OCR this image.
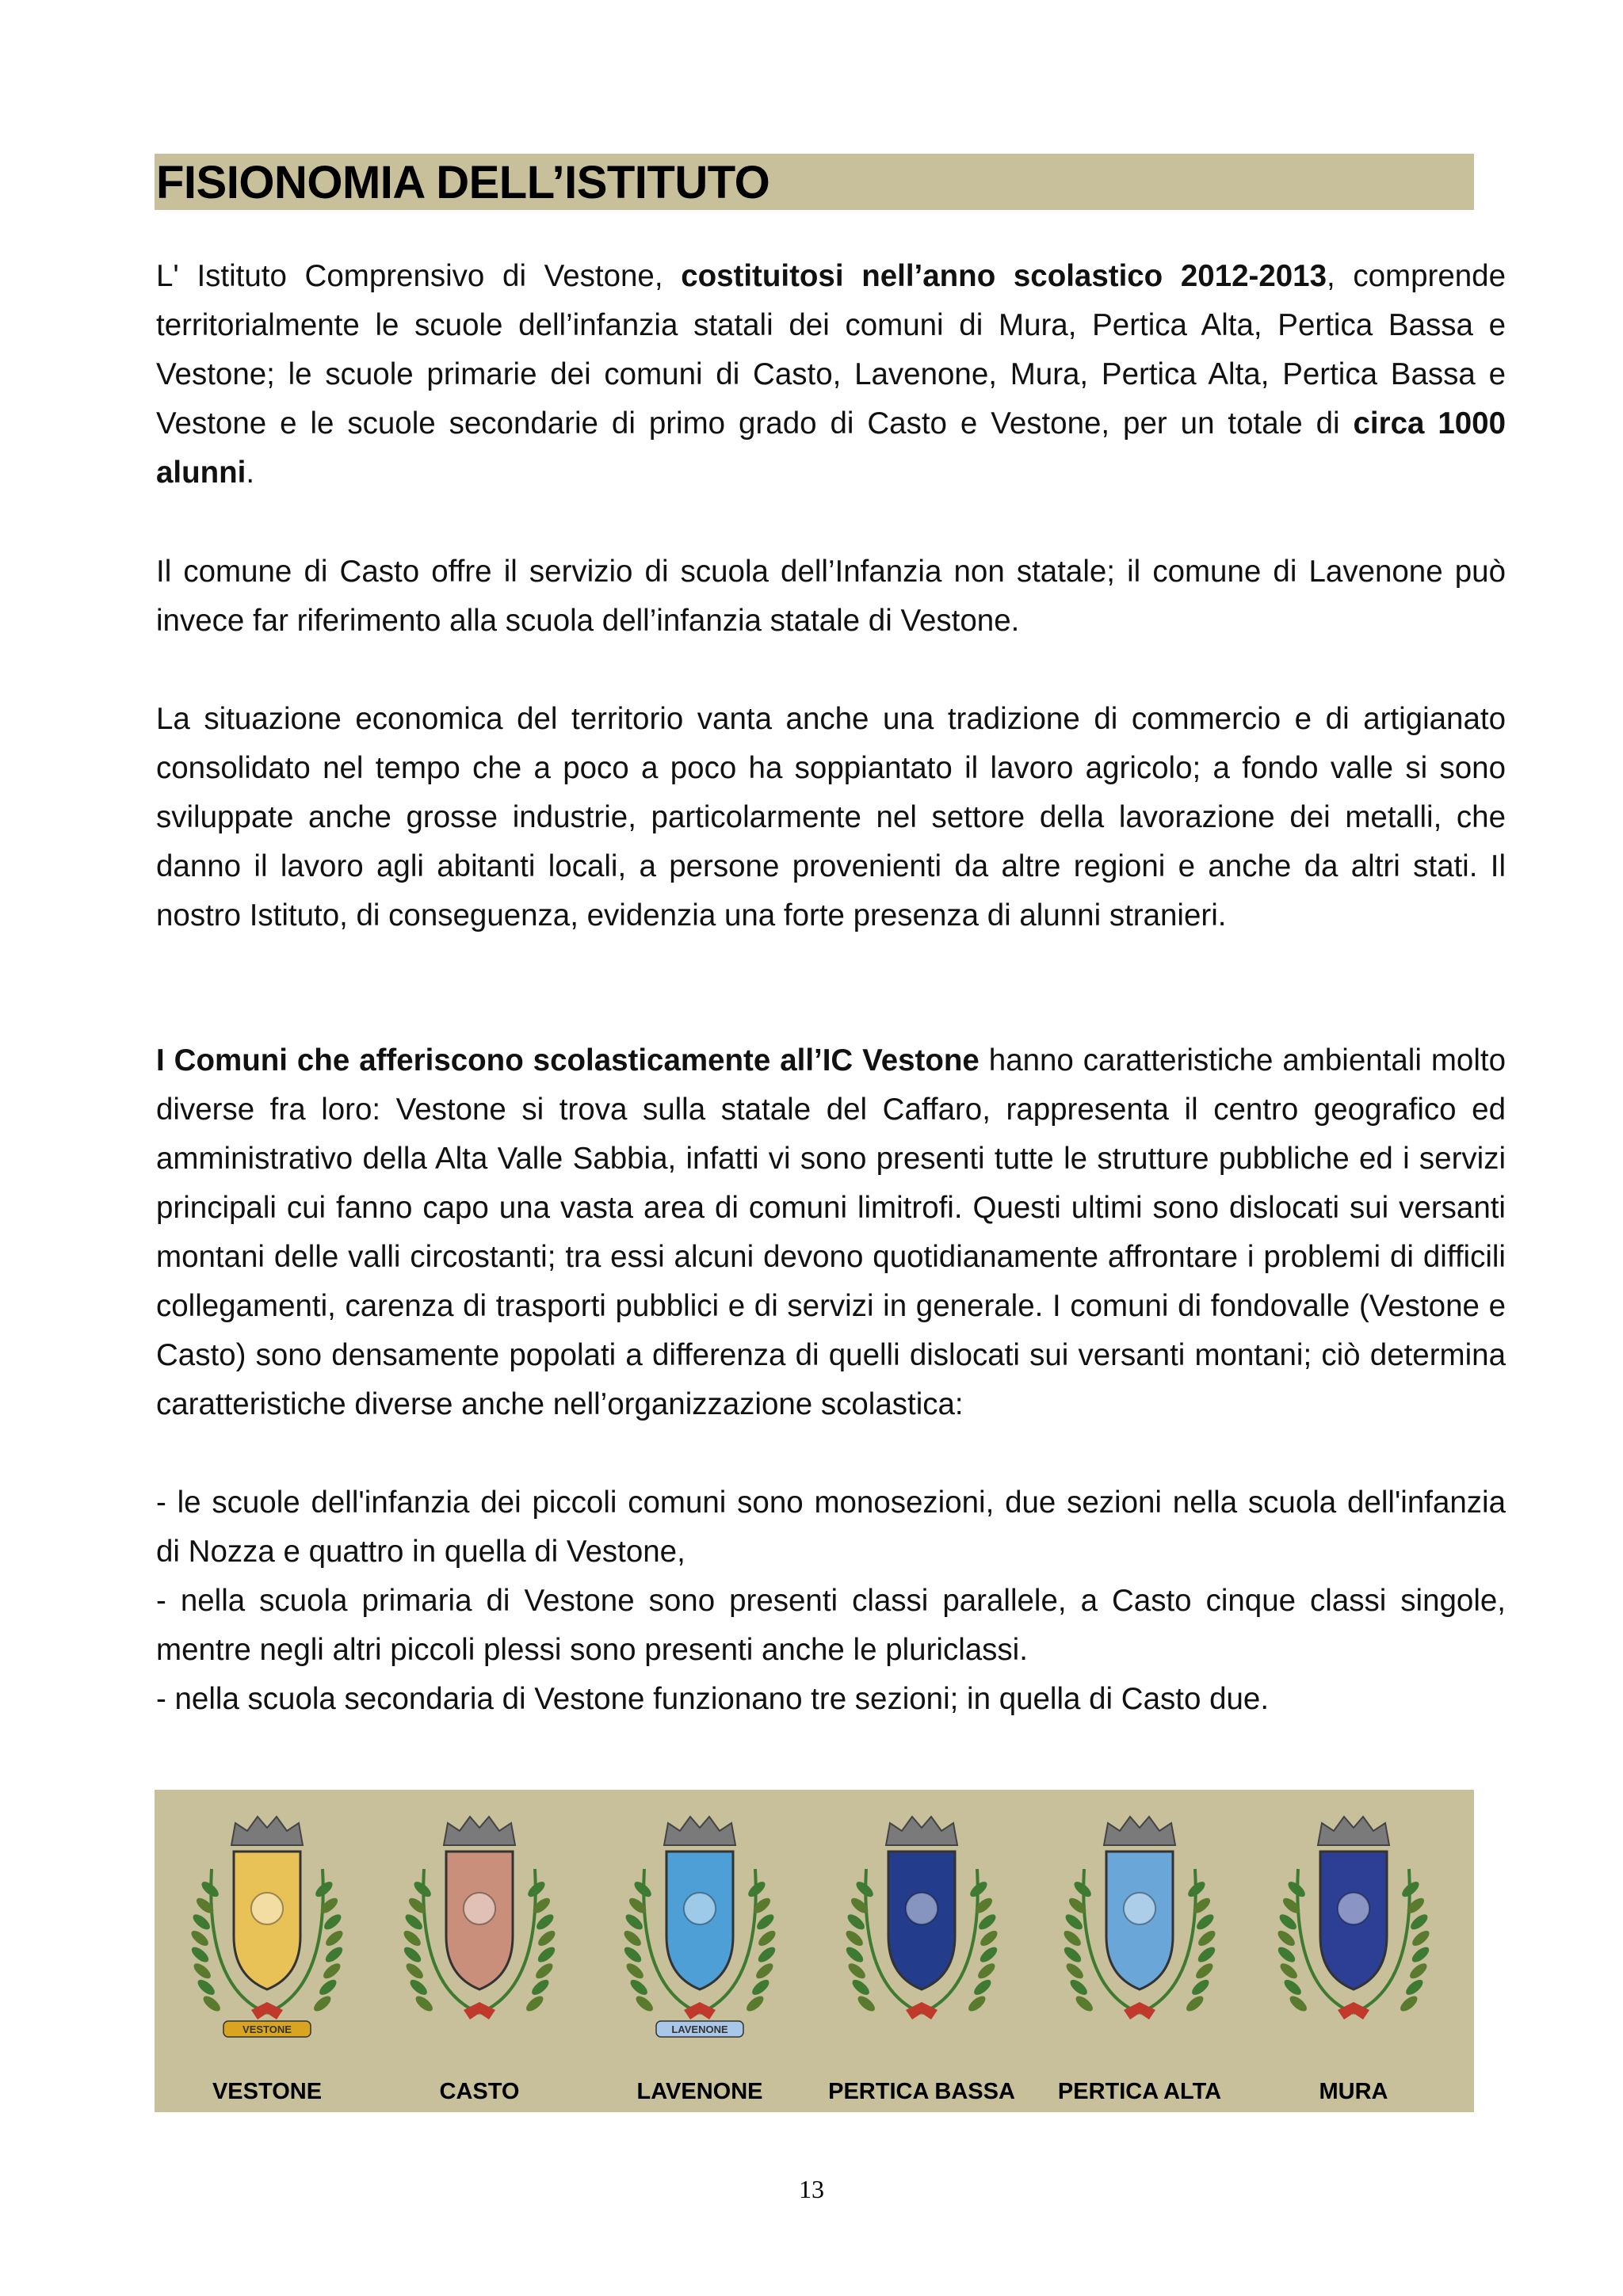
FISIONOMIA DELL’ISTITUTO
L' Istituto Comprensivo di Vestone, costituitosi nell’anno scolastico 2012-2013, comprende territorialmente le scuole dell’infanzia statali dei comuni di Mura, Pertica Alta, Pertica Bassa e Vestone; le scuole primarie dei comuni di Casto, Lavenone, Mura, Pertica Alta, Pertica Bassa e Vestone e le scuole secondarie di primo grado di Casto e Vestone, per un totale di circa 1000 alunni.
Il comune di Casto offre il servizio di scuola dell’Infanzia non statale; il comune di Lavenone può invece far riferimento alla scuola dell’infanzia statale di Vestone.
La situazione economica del territorio vanta anche una tradizione di commercio e di artigianato consolidato nel tempo che a poco a poco ha soppiantato il lavoro agricolo; a fondo valle si sono sviluppate anche grosse industrie, particolarmente nel settore della lavorazione dei metalli, che danno il lavoro agli abitanti locali, a persone provenienti da altre regioni e anche da altri stati. Il nostro Istituto, di conseguenza, evidenzia una forte presenza di alunni stranieri.
I Comuni che afferiscono scolasticamente all’IC Vestone hanno caratteristiche ambientali molto diverse fra loro: Vestone si trova sulla statale del Caffaro, rappresenta il centro geografico ed amministrativo della Alta Valle Sabbia, infatti vi sono presenti tutte le strutture pubbliche ed i servizi principali cui fanno capo una vasta area di comuni limitrofi. Questi ultimi sono dislocati sui versanti montani delle valli circostanti; tra essi alcuni devono quotidianamente affrontare i problemi di difficili collegamenti, carenza di trasporti pubblici e di servizi in generale. I comuni di fondovalle (Vestone e Casto) sono densamente popolati a differenza di quelli dislocati sui versanti montani; ciò determina caratteristiche diverse anche nell’organizzazione scolastica:
- le scuole dell'infanzia dei piccoli comuni sono monosezioni, due sezioni nella scuola dell'infanzia di Nozza e quattro in quella di Vestone,
- nella scuola primaria di Vestone sono presenti classi parallele, a Casto cinque classi singole, mentre negli altri piccoli plessi sono presenti anche le pluriclassi.
- nella scuola secondaria di Vestone funzionano tre sezioni; in quella di Casto due.
VESTONE
VESTONE	CASTO
LAVENONE
LAVENONE	PERTICA BASSA	PERTICA ALTA	MURA
13
